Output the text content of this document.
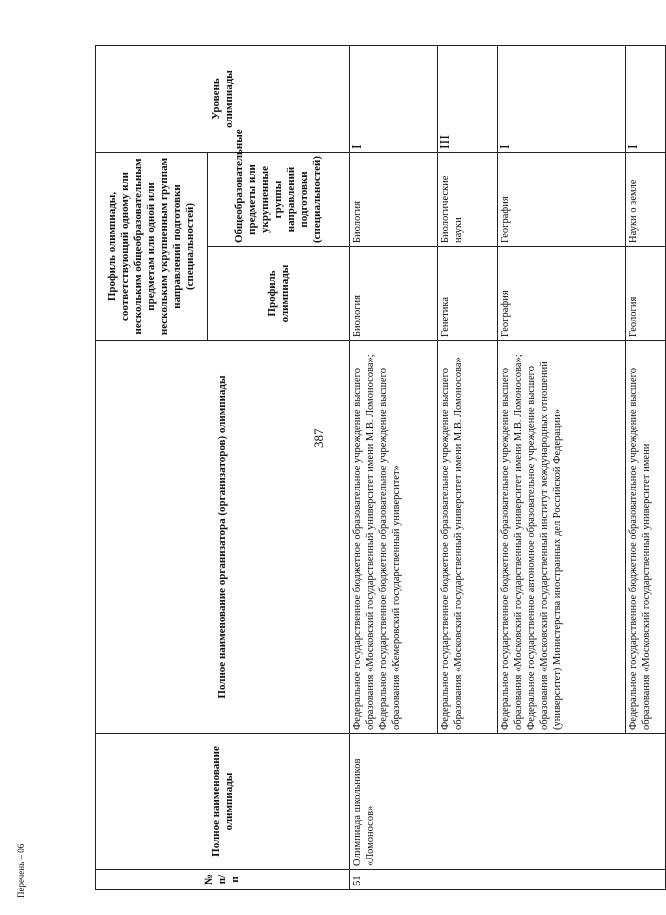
387
Перечень – 06	№ п/п	Полное наименование олимпиады	Полное наименование организатора (организаторов) олимпиады	Профиль олимпиады, соответствующий одному или нескольким общеобразовательным предметам или одной или нескольким укрупненным группам направлений подготовки (специальностей)		Уровень олимпиады
			Профиль олимпиады	Общеобразовательные предметы или укрупненные группы направлений подготовки (специальностей)	
51	Олимпиада школьников «Ломоносов»	Федеральное государственное бюджетное образовательное учреждение высшего образования «Московский государственный университет имени М.В. Ломоносова»; Федеральное государственное бюджетное образовательное учреждение высшего образования «Кемеровский государственный университет»	Биология	Биология	I
		Федеральное государственное бюджетное образовательное учреждение высшего образования «Московский государственный университет имени М.В. Ломоносова»	Генетика	Биологические науки	III
		Федеральное государственное бюджетное образовательное учреждение высшего образования «Московский государственный университет имени М.В. Ломоносова»; Федеральное государственное автономное образовательное учреждение высшего образования «Московский государственный институт международных отношений (университет) Министерства иностранных дел Российской Федерации»	География	География	I
		Федеральное государственное бюджетное образовательное учреждение высшего образования «Московский государственный университет имени	Геология	Науки о земле	I
